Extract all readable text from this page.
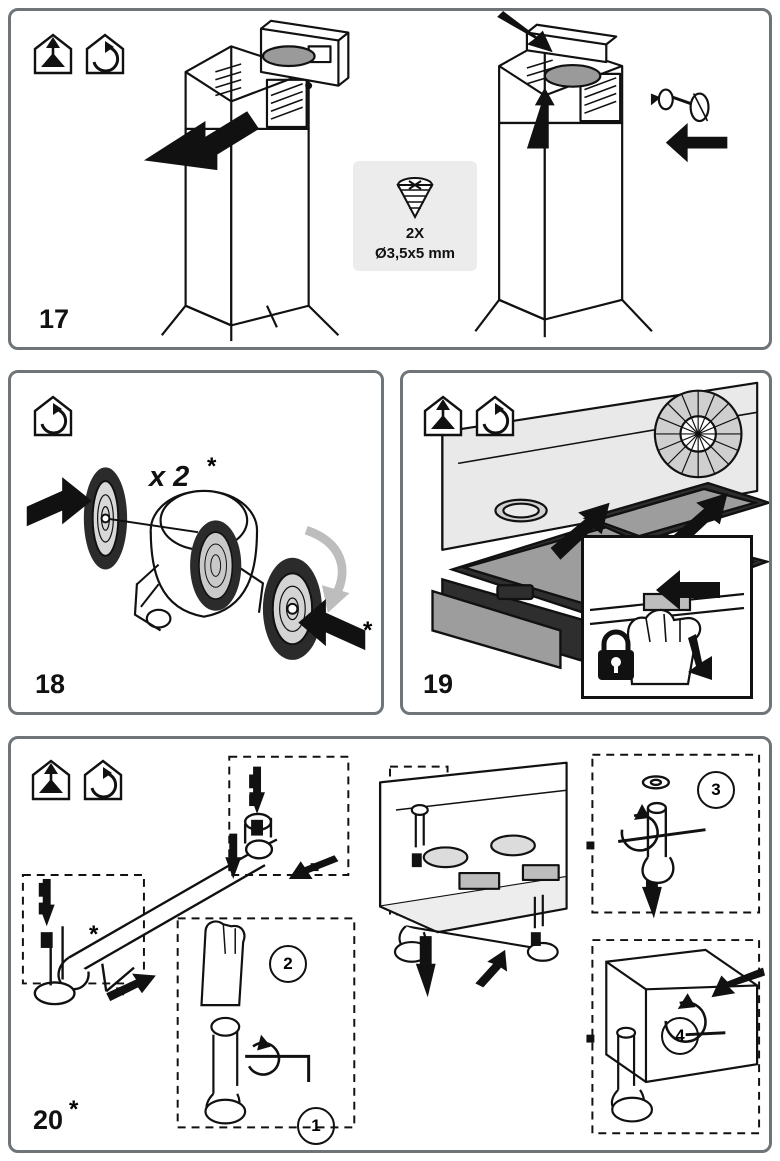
2X
Ø3,5x5 mm
17
x 2 *
*
18	19
1
2
3
4
*
20 *
